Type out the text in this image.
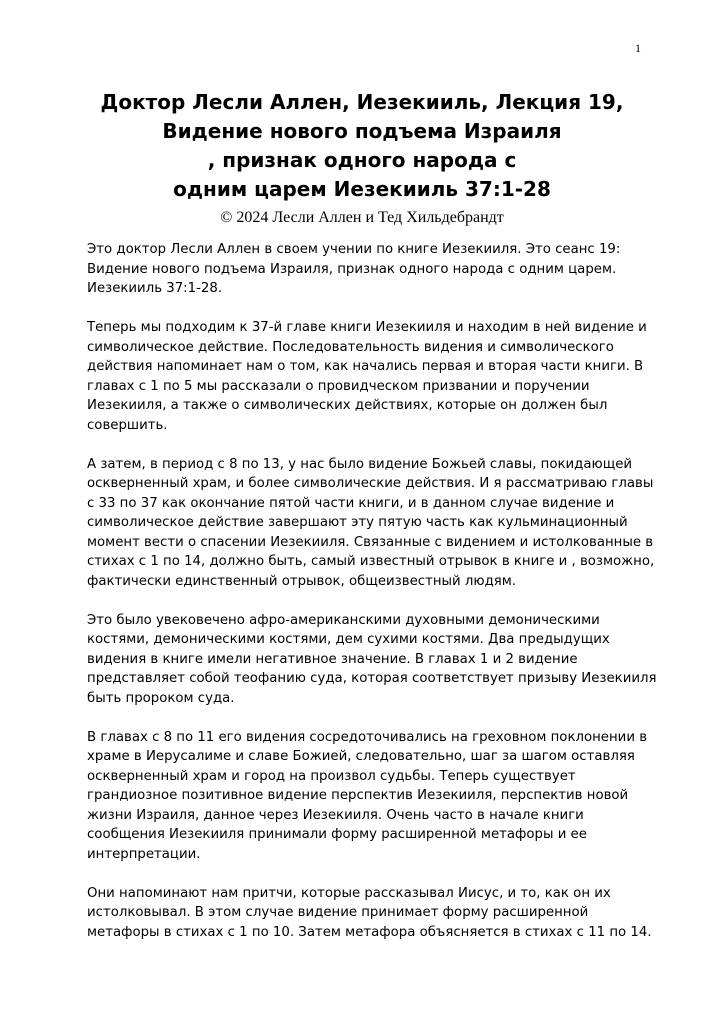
1
Доктор Лесли Аллен, Иезекииль, Лекция 19,
Видение нового подъема Израиля
, признак одного народа с
одним царем Иезекииль 37:1-28
© 2024 Лесли Аллен и Тед Хильдебрандт

Это доктор Лесли Аллен в своем учении по книге Иезекииля. Это сеанс 19:
Видение нового подъема Израиля, признак одного народа с одним царем.
Иезекииль 37:1-28.

Теперь мы подходим к 37-й главе книги Иезекииля и находим в ней видение и
символическое действие. Последовательность видения и символического
действия напоминает нам о том, как начались первая и вторая части книги. В
главах с 1 по 5 мы рассказали о провидческом призвании и поручении
Иезекииля, а также о символических действиях, которые он должен был
совершить.

А затем, в период с 8 по 13, у нас было видение Божьей славы, покидающей
оскверненный храм, и более символические действия. И я рассматриваю главы
с 33 по 37 как окончание пятой части книги, и в данном случае видение и
символическое действие завершают эту пятую часть как кульминационный
момент вести о спасении Иезекииля. Связанные с видением и истолкованные в
стихах с 1 по 14, должно быть, самый известный отрывок в книге и , возможно,
фактически единственный отрывок, общеизвестный людям.

Это было увековечено афро-американскими духовными демоническими
костями, демоническими костями, дем сухими костями. Два предыдущих
видения в книге имели негативное значение. В главах 1 и 2 видение
представляет собой теофанию суда, которая соответствует призыву Иезекииля
быть пророком суда.

В главах с 8 по 11 его видения сосредоточивались на греховном поклонении в
храме в Иерусалиме и славе Божией, следовательно, шаг за шагом оставляя
оскверненный храм и город на произвол судьбы. Теперь существует
грандиозное позитивное видение перспектив Иезекииля, перспектив новой
жизни Израиля, данное через Иезекииля. Очень часто в начале книги
сообщения Иезекииля принимали форму расширенной метафоры и ее
интерпретации.

Они напоминают нам притчи, которые рассказывал Иисус, и то, как он их
истолковывал. В этом случае видение принимает форму расширенной
метафоры в стихах с 1 по 10. Затем метафора объясняется в стихах с 11 по 14.
